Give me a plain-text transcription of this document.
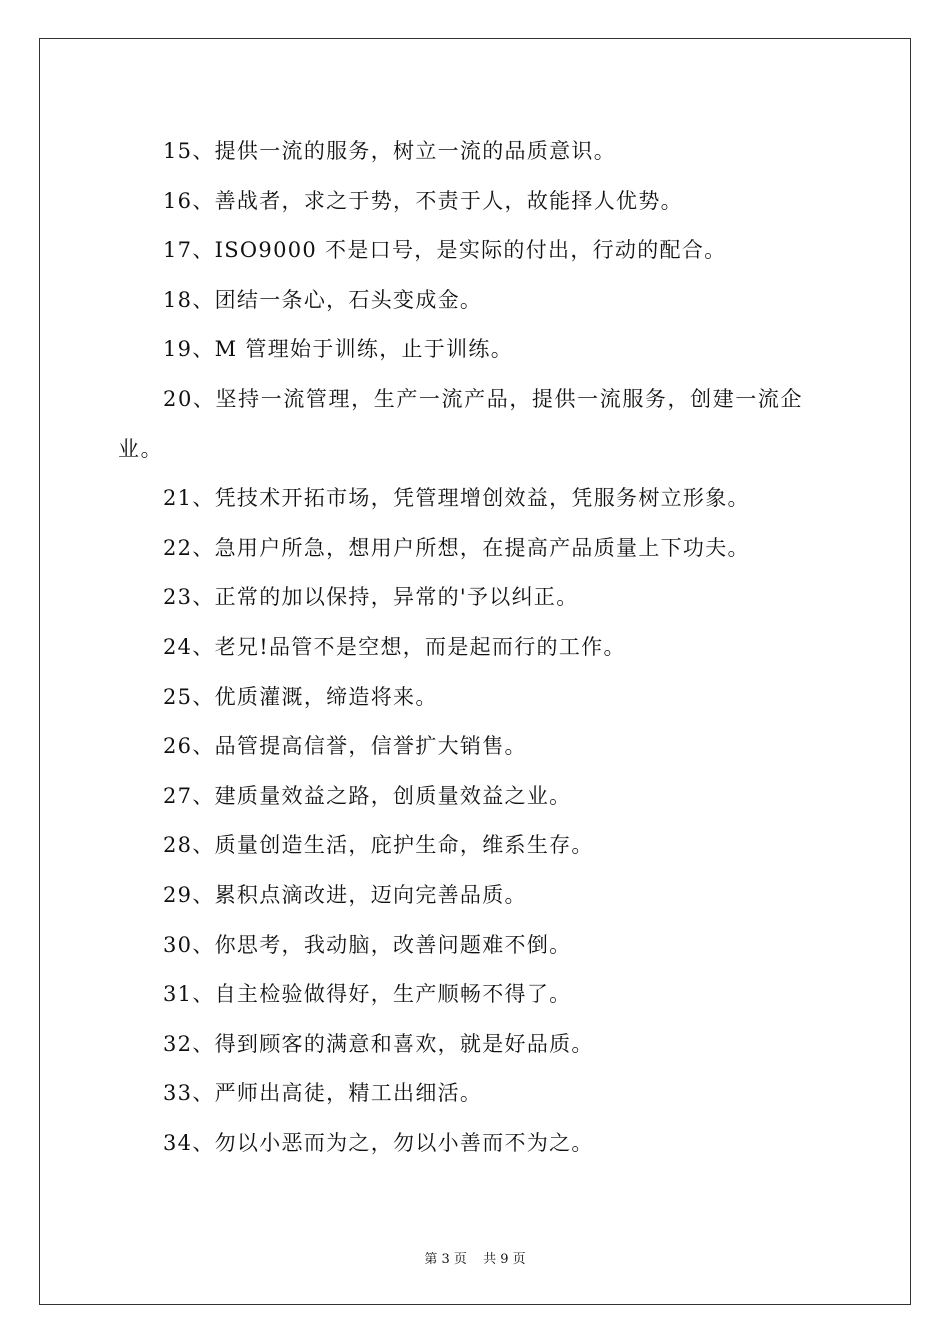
15、提供一流的服务，树立一流的品质意识。
16、善战者，求之于势，不责于人，故能择人优势。
17、ISO9000 不是口号，是实际的付出，行动的配合。
18、团结一条心，石头变成金。
19、M 管理始于训练，止于训练。
20、坚持一流管理，生产一流产品，提供一流服务，创建一流企业。
21、凭技术开拓市场，凭管理增创效益，凭服务树立形象。
22、急用户所急，想用户所想，在提高产品质量上下功夫。
23、正常的加以保持，异常的'予以纠正。
24、老兄!品管不是空想，而是起而行的工作。
25、优质灌溉，缔造将来。
26、品管提高信誉，信誉扩大销售。
27、建质量效益之路，创质量效益之业。
28、质量创造生活，庇护生命，维系生存。
29、累积点滴改进，迈向完善品质。
30、你思考，我动脑，改善问题难不倒。
31、自主检验做得好，生产顺畅不得了。
32、得到顾客的满意和喜欢，就是好品质。
33、严师出高徒，精工出细活。
34、勿以小恶而为之，勿以小善而不为之。
第 3 页 共 9 页
